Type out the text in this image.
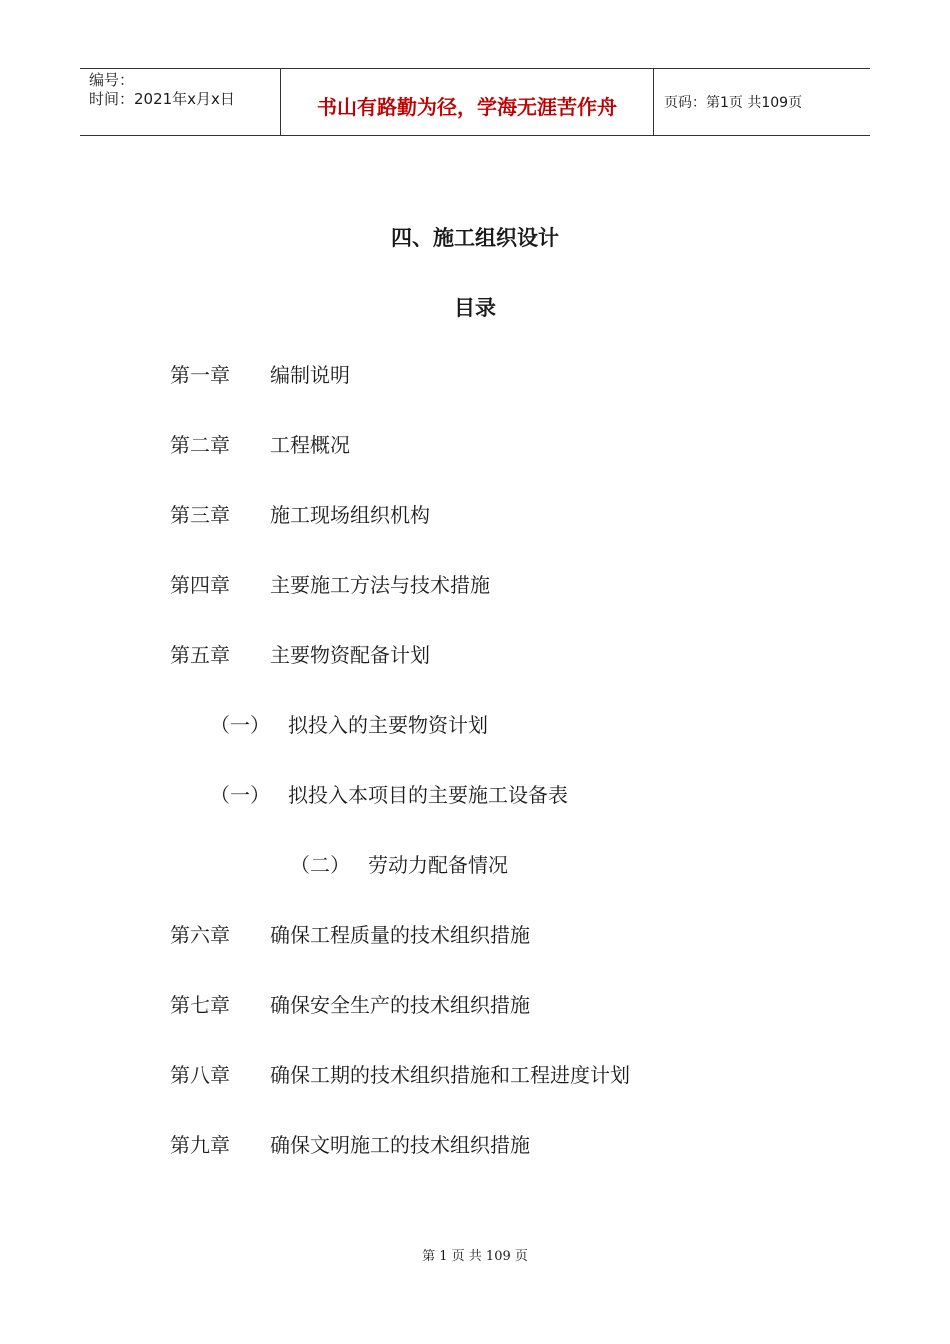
编号：
时间：2021年x月x日	书山有路勤为径，学海无涯苦作舟	页码：第1页 共109页
四、施工组织设计
目录
第一章 编制说明
第二章 工程概况
第三章 施工现场组织机构
第四章 主要施工方法与技术措施
第五章 主要物资配备计划
（一） 拟投入的主要物资计划
（一） 拟投入本项目的主要施工设备表
（二） 劳动力配备情况
第六章 确保工程质量的技术组织措施
第七章 确保安全生产的技术组织措施
第八章 确保工期的技术组织措施和工程进度计划
第九章 确保文明施工的技术组织措施
第 1 页 共 109 页
